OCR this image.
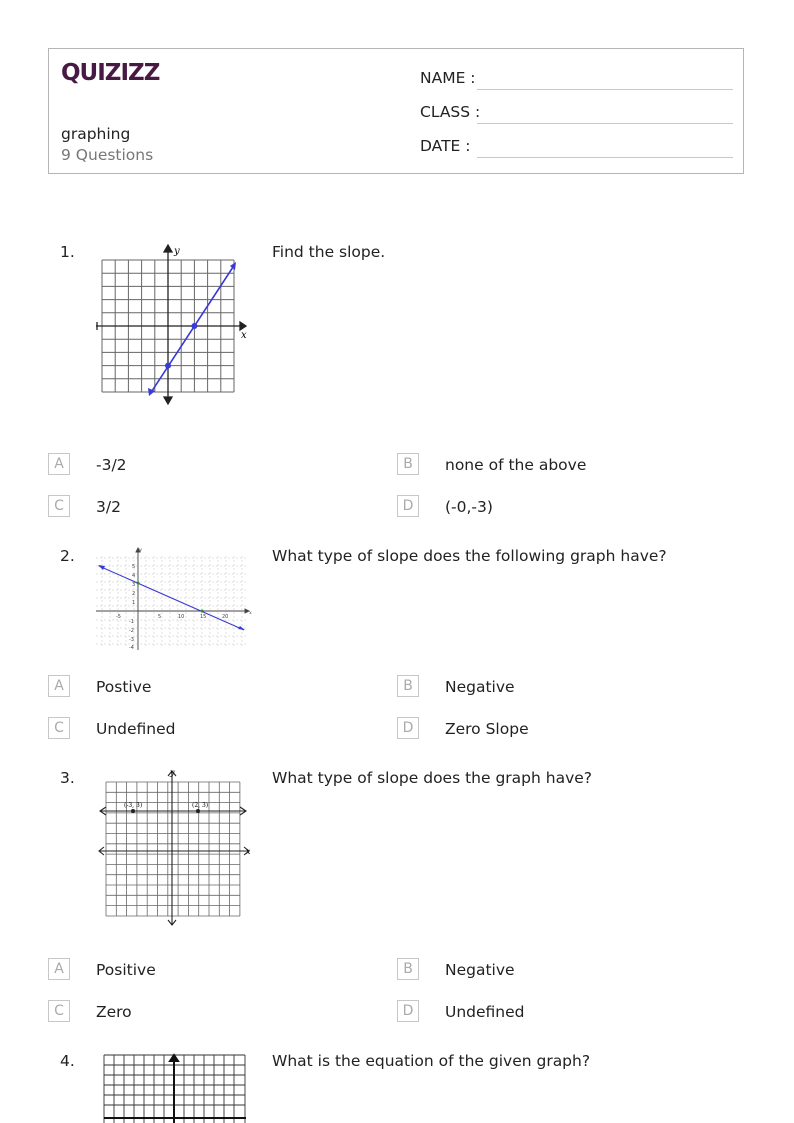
QUIZIZZ
graphing
9 Questions
NAME :
CLASS :
DATE :
1.	Find the slope.
y
x
A	-3/2	B	none of the above
C	3/2	D	(-0,-3)
2.	What type of slope does the following graph have?
y
x
-5	5	10	15	20
5
4
3
2
1
-1
-2
-3
-4
A	Postive	B	Negative
C	Undefined	D	Zero Slope
3.	What type of slope does the graph have?
y
x
(-3, 3)	(2, 3)
A	Positive	B	Negative
C	Zero	D	Undefined
4.	What is the equation of the given graph?
